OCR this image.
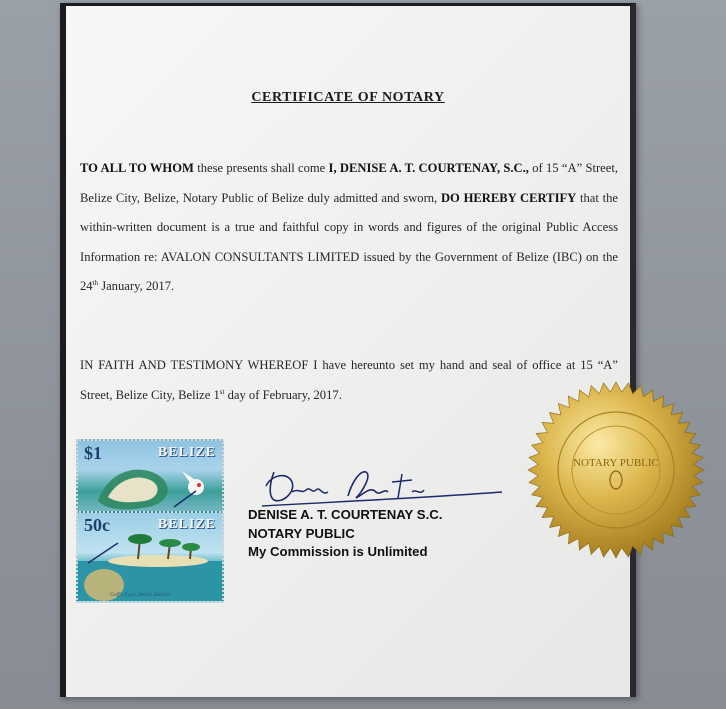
CERTIFICATE OF NOTARY
TO ALL TO WHOM these presents shall come I, DENISE A. T. COURTENAY, S.C., of 15 “A” Street, Belize City, Belize, Notary Public of Belize duly admitted and sworn, DO HEREBY CERTIFY that the within-written document is a true and faithful copy in words and figures of the original Public Access Information re: AVALON CONSULTANTS LIMITED issued by the Government of Belize (IBC) on the 24th January, 2017.
IN FAITH AND TESTIMONY WHEREOF I have hereunto set my hand and seal of office at 15 “A” Street, Belize City, Belize 1st day of February, 2017.
$1	BELIZE
50c	BELIZE
Goff's Caye, Belize District
DENISE A. T. COURTENAY S.C.
NOTARY PUBLIC
My Commission is Unlimited
NOTARY PUBLIC
